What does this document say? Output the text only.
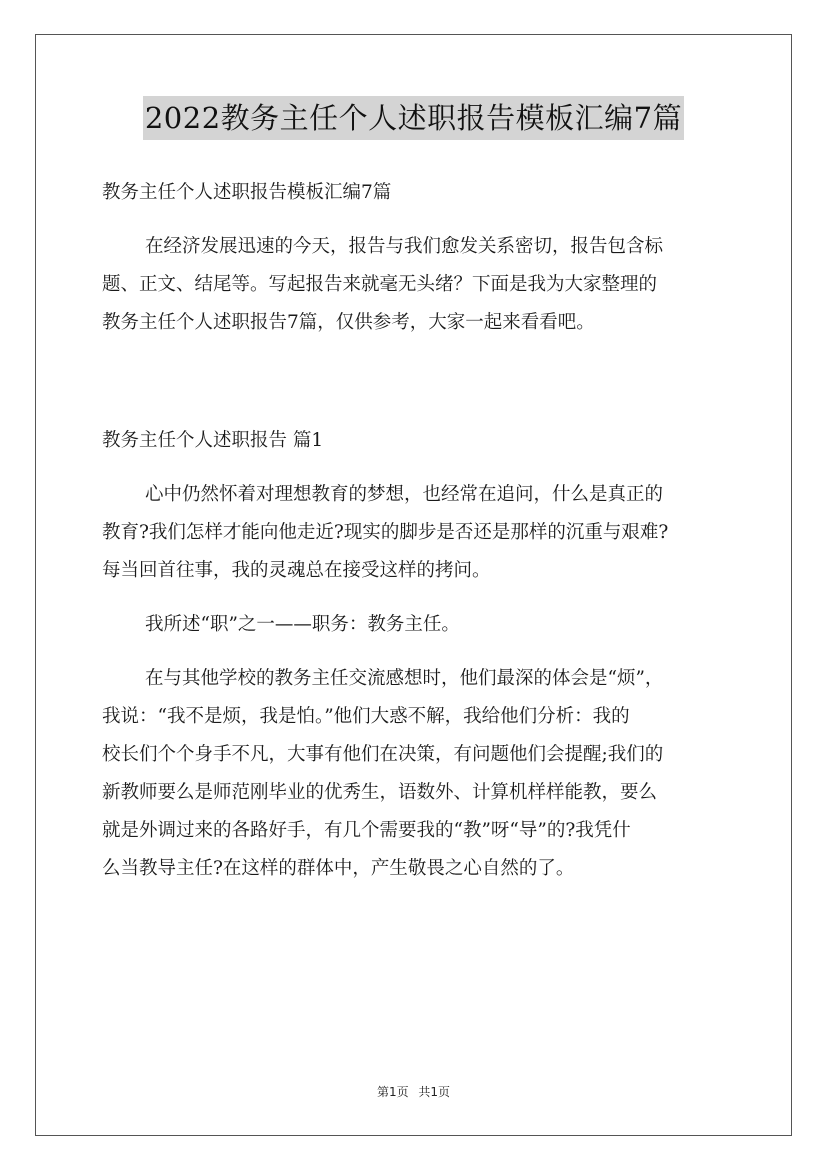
2022教务主任个人述职报告模板汇编7篇

教务主任个人述职报告模板汇编7篇

在经济发展迅速的今天，报告与我们愈发关系密切，报告包含标

题、正文、结尾等。写起报告来就毫无头绪？下面是我为大家整理的

教务主任个人述职报告7篇，仅供参考，大家一起来看看吧。

教务主任个人述职报告 篇1

心中仍然怀着对理想教育的梦想，也经常在追问，什么是真正的

教育?我们怎样才能向他走近?现实的脚步是否还是那样的沉重与艰难?

每当回首往事，我的灵魂总在接受这样的拷问。

我所述“职”之一——职务：教务主任。

在与其他学校的教务主任交流感想时，他们最深的体会是“烦”，

我说：“我不是烦，我是怕。”他们大惑不解，我给他们分析：我的

校长们个个身手不凡，大事有他们在决策，有问题他们会提醒;我们的

新教师要么是师范刚毕业的优秀生，语数外、计算机样样能教，要么

就是外调过来的各路好手，有几个需要我的“教”呀“导”的?我凭什

么当教导主任?在这样的群体中，产生敬畏之心自然的了。

第1页 共1页
